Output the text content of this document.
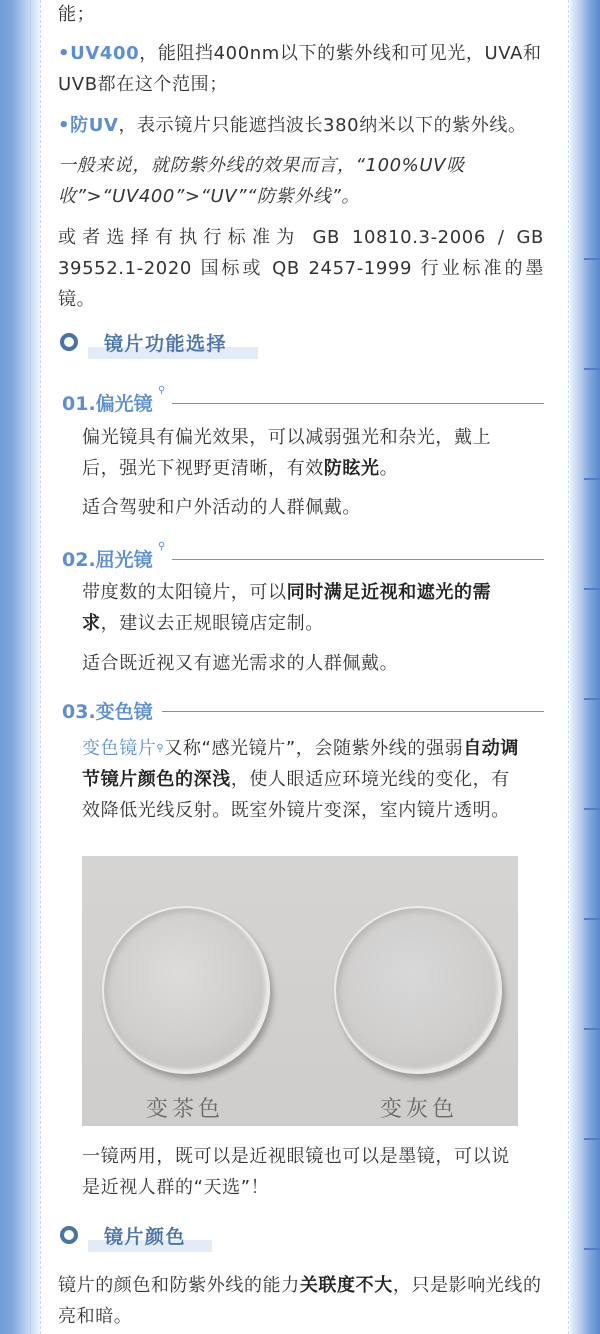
能；

•UV400，能阻挡400nm以下的紫外线和可见光，UVA和UVB都在这个范围；

•防UV，表示镜片只能遮挡波长380纳米以下的紫外线。

一般来说，就防紫外线的效果而言，“100%UV吸收”>“UV400”>“UV”“防紫外线”。

或者选择有执行标准为 GB 10810.3-2006 / GB 39552.1-2020 国标或 QB 2457-1999 行业标准的墨镜。

镜片功能选择
01.偏光镜
⚲

偏光镜具有偏光效果，可以减弱强光和杂光，戴上后，强光下视野更清晰，有效防眩光。

适合驾驶和户外活动的人群佩戴。

02.屈光镜
⚲

带度数的太阳镜片，可以同时满足近视和遮光的需求，建议去正规眼镜店定制。

适合既近视又有遮光需求的人群佩戴。

03.变色镜

变色镜片⚲又称“感光镜片”，会随紫外线的强弱自动调节镜片颜色的深浅，使人眼适应环境光线的变化，有效降低光线反射。既室外镜片变深，室内镜片透明。

变茶色	变灰色

一镜两用，既可以是近视眼镜也可以是墨镜，可以说是近视人群的“天选”！

镜片颜色

镜片的颜色和防紫外线的能力关联度不大，只是影响光线的亮和暗。
